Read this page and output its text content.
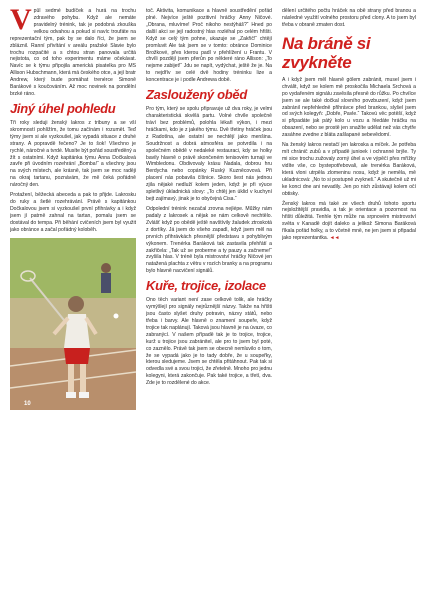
Vpůl sedmé budíček a hurá na trochu zdravého pohybu. Když ale nemáte pravidelný trénink, tak je podobná zkouška velkou odvahou a pokud si navíc troufáte na reprezentační tým, pak by se dalo říci, že jsem se zbláznil. Ranní přivítání v areálu pražské Slavie bylo trochu rozpačité a s chtou stran panovala určitá nejistota, co od toho experimentu máme očekávat. Navíc se k týmu připojila americká pisatelka pro MS Allison Hubschmann, která má českého otce, a její bratr Andrew, který bude pomáhat trenérce Simoně Barákové s koučováním. Až moc novinek na pondělní brzké ráno.

Jiný úhel pohledu

Tři roky sleduji ženský lakros z tribuny a se vší skromností pohlížím, že tomu začínám i rozumět. Teď týmy jsem si ale vyzkoušel, jak vypadá situace z druhé strany. A popravdě řečeno? Je to šok! Všechno je rychlé, náročné a tvrdé. Musíte být pořád soustředěný a žít s ostatními. Když kapitánka týmu Anna Dočkalová zavře při úvodním rozehrání „Bomba!“ a všechny jsou na svých místech, ale krásně, tak jsem se moc raději na okraj tartanu, poznávám, že mě čeká pořádně náročný den.

Protažení, běžecká abeceda a pak to přijde. Lakrosku do ruky a šetlé rozehrávání. Právě s kapitánkou Dočkalovou jsem si vyzkoušel první přihrávky a i když jsem jí patrně zahnal na tartan, pomalu jsem se dostával do tempa. Při běhání cvičeních jsem byl využit jako obránce a začal pořádný koloběh.

10

toč. Aktivita, komunikace a hlavně soustředění pořád plné. Nejvíce ještě pozitivní hráčky Anny Ničové. „Obrana, mluvíme! Proč nikoho nestýháš?“ Hned po další akci se její radostný hlas rozléhal po celém hřišti. Když se celý tým pohne, ukazuje se „Zakřič!“ chtějí promluvit Ale tak jsem se v tomto: obránce Dominice Brožkové, přes kterou padl v přehlížení u Frantu. V chvíli pozdějí jsem přerůn po některé ráno Allison: „To nejsme zabijet!“ Jdu se napít, vydýchat, ještě že je. Na to nejdřív se celé dvě hodiny tréninku lize a koncentrace je i podle Andrewa době.

Zasloužený oběd

Pro tým, který se spolu připravuje už dva roky, je velmi charakteristická skvělá partu. Volné chvíle společně tráví bez problémů, polohla lékaři výkon, i mezi hráčkami, kdo je z jakého týmu. Dvě třetiny hráček jsou z Radotína, ale ostatní se nechtějí jako menšina. Soudržnost a dobrá atmosféra se potvrdila i na společném obědě v nedaleké restauraci, kdy se holky bavily hlavně o právě skončeném tenisovém turnaji ve Wimbledonu. Obdivovaly krásu Nadala, dobrou hru Berdycha nebo copánky Ruský Kuzněcovová. Při placení nás pobavila číšnice. Skoro šest nás jednou zjila nějaké nedluží kolem jeden, když je při výuce spletlivý úkladnická slovy: „To chtěj jen úklid v kuchyní bejt zajímavý, jinak je to obyčejná Cisa.“

Odpolední trénink nezačal zrovna nejlépe. Műžky nám padaly z lakrosek a nějak se nám celkově nechtělo. Zvlášť když po obědě ještě navštívily žaludek ztroskotá z dortíky. Já jsem do všeho zapadl, když jsem měl na prvních přihrávkách přesnější představu s pohyblivým výkonem. Trenérka Baráková tak zastavila přehřátí a zakřičela: „Tak už se proberme a ty pauzy a začneme!“ zvyšila hlas. V tréně byla mistrovství hráčky Ničové jen natažená plachta z větru v rozích branky a na programu bylo hlavně nacvičení signálů.

Kuře, trojice, izolace

Ono těch variant není zase celkově tolik, ale hráčky vymýšlejí pro signály nejrůznější názvy. Takže na hřišti jsou často slyšet druhy potravin, názvy států, nebo třeba i barvy. Ale hlavně o znamení soupeře, když trojice tak naplánují. Taková jsou hlavně je na úvaze, co zabranýcí. V našem případě tak je to trojice, trojice, kurž u trojice jsou zabránitel, ale pro to jsem byl poté, co zaznělo. Právě tak jsem se obecně nemluvilo o tom, že se vypadá jako je to tady dobře, že u soupeřky, kterou sledujeme. Jsem se chtěla přitáhnout. Pak tak si odvedla své a svou trojici, že zřetelně. Mnoho pro jednu kolegyni, která zakončuje. Pak také trojice, a třetí, dva. Zde je to rozdělené do akce.

dělení určitého počtu hráček na obě strany před branou a následné využití volného prostoru před clony. A to jsem byl třeba v obraně zmaten dost.

Na bráně si zvykněte

A i když jsem měl hlavně gólem zabránit, musel jsem i chválit, když se kolem mě proskočila Michaela Srchová a po vydařeném signálu zavěsila přesně do růžku. Po chvílce jsem se ale také dočkal slovního povzbuzení, když jsem zabránil nepřehledně přihrávce před brankou, slyšel jsem od svých kolegyň: „Dobře, Pavle.“ Takovú věc potěší, když si připadáte jak pátý kolo u vozu a hledáte hráčku na obsazení, nebo se prostě jen snažíte udělat než vás chytře zasáhne zvedne z bláta zašlapané sebevědomí.

Na ženský lakros nestačí jen lakroska a míček. Je potřeba mít chránič zubů a v případě junioek i ochranné brýle. Ty mi sice trochu zužovaly zorný úhel a ve výpěčí přes mřížky vidíte vše, co bystepotřebovali, ale trenérka Baráková, která vloni utrpěla zlomeninu nosu, když je neměla, mě ukladnicová: „No to si postupně zvykneš.“ A skutečně už mi ke konci dne ani nevadily. Jen po nich zůstávají kolem očí obtisky.

Ženský lakros má také ze všech druhů tohoto sportu nejsložitější pravidla, a tak je orientace a pozornost na hřišti důležitá. Tenhle tým může na srpnovém mistrovství světa v Kanadě dojít daleko a jelikož Simona Baráková říkala pořád holky, a to včetně mně, ne jen jsem si připadal jako reprezentantka. ◄◄
